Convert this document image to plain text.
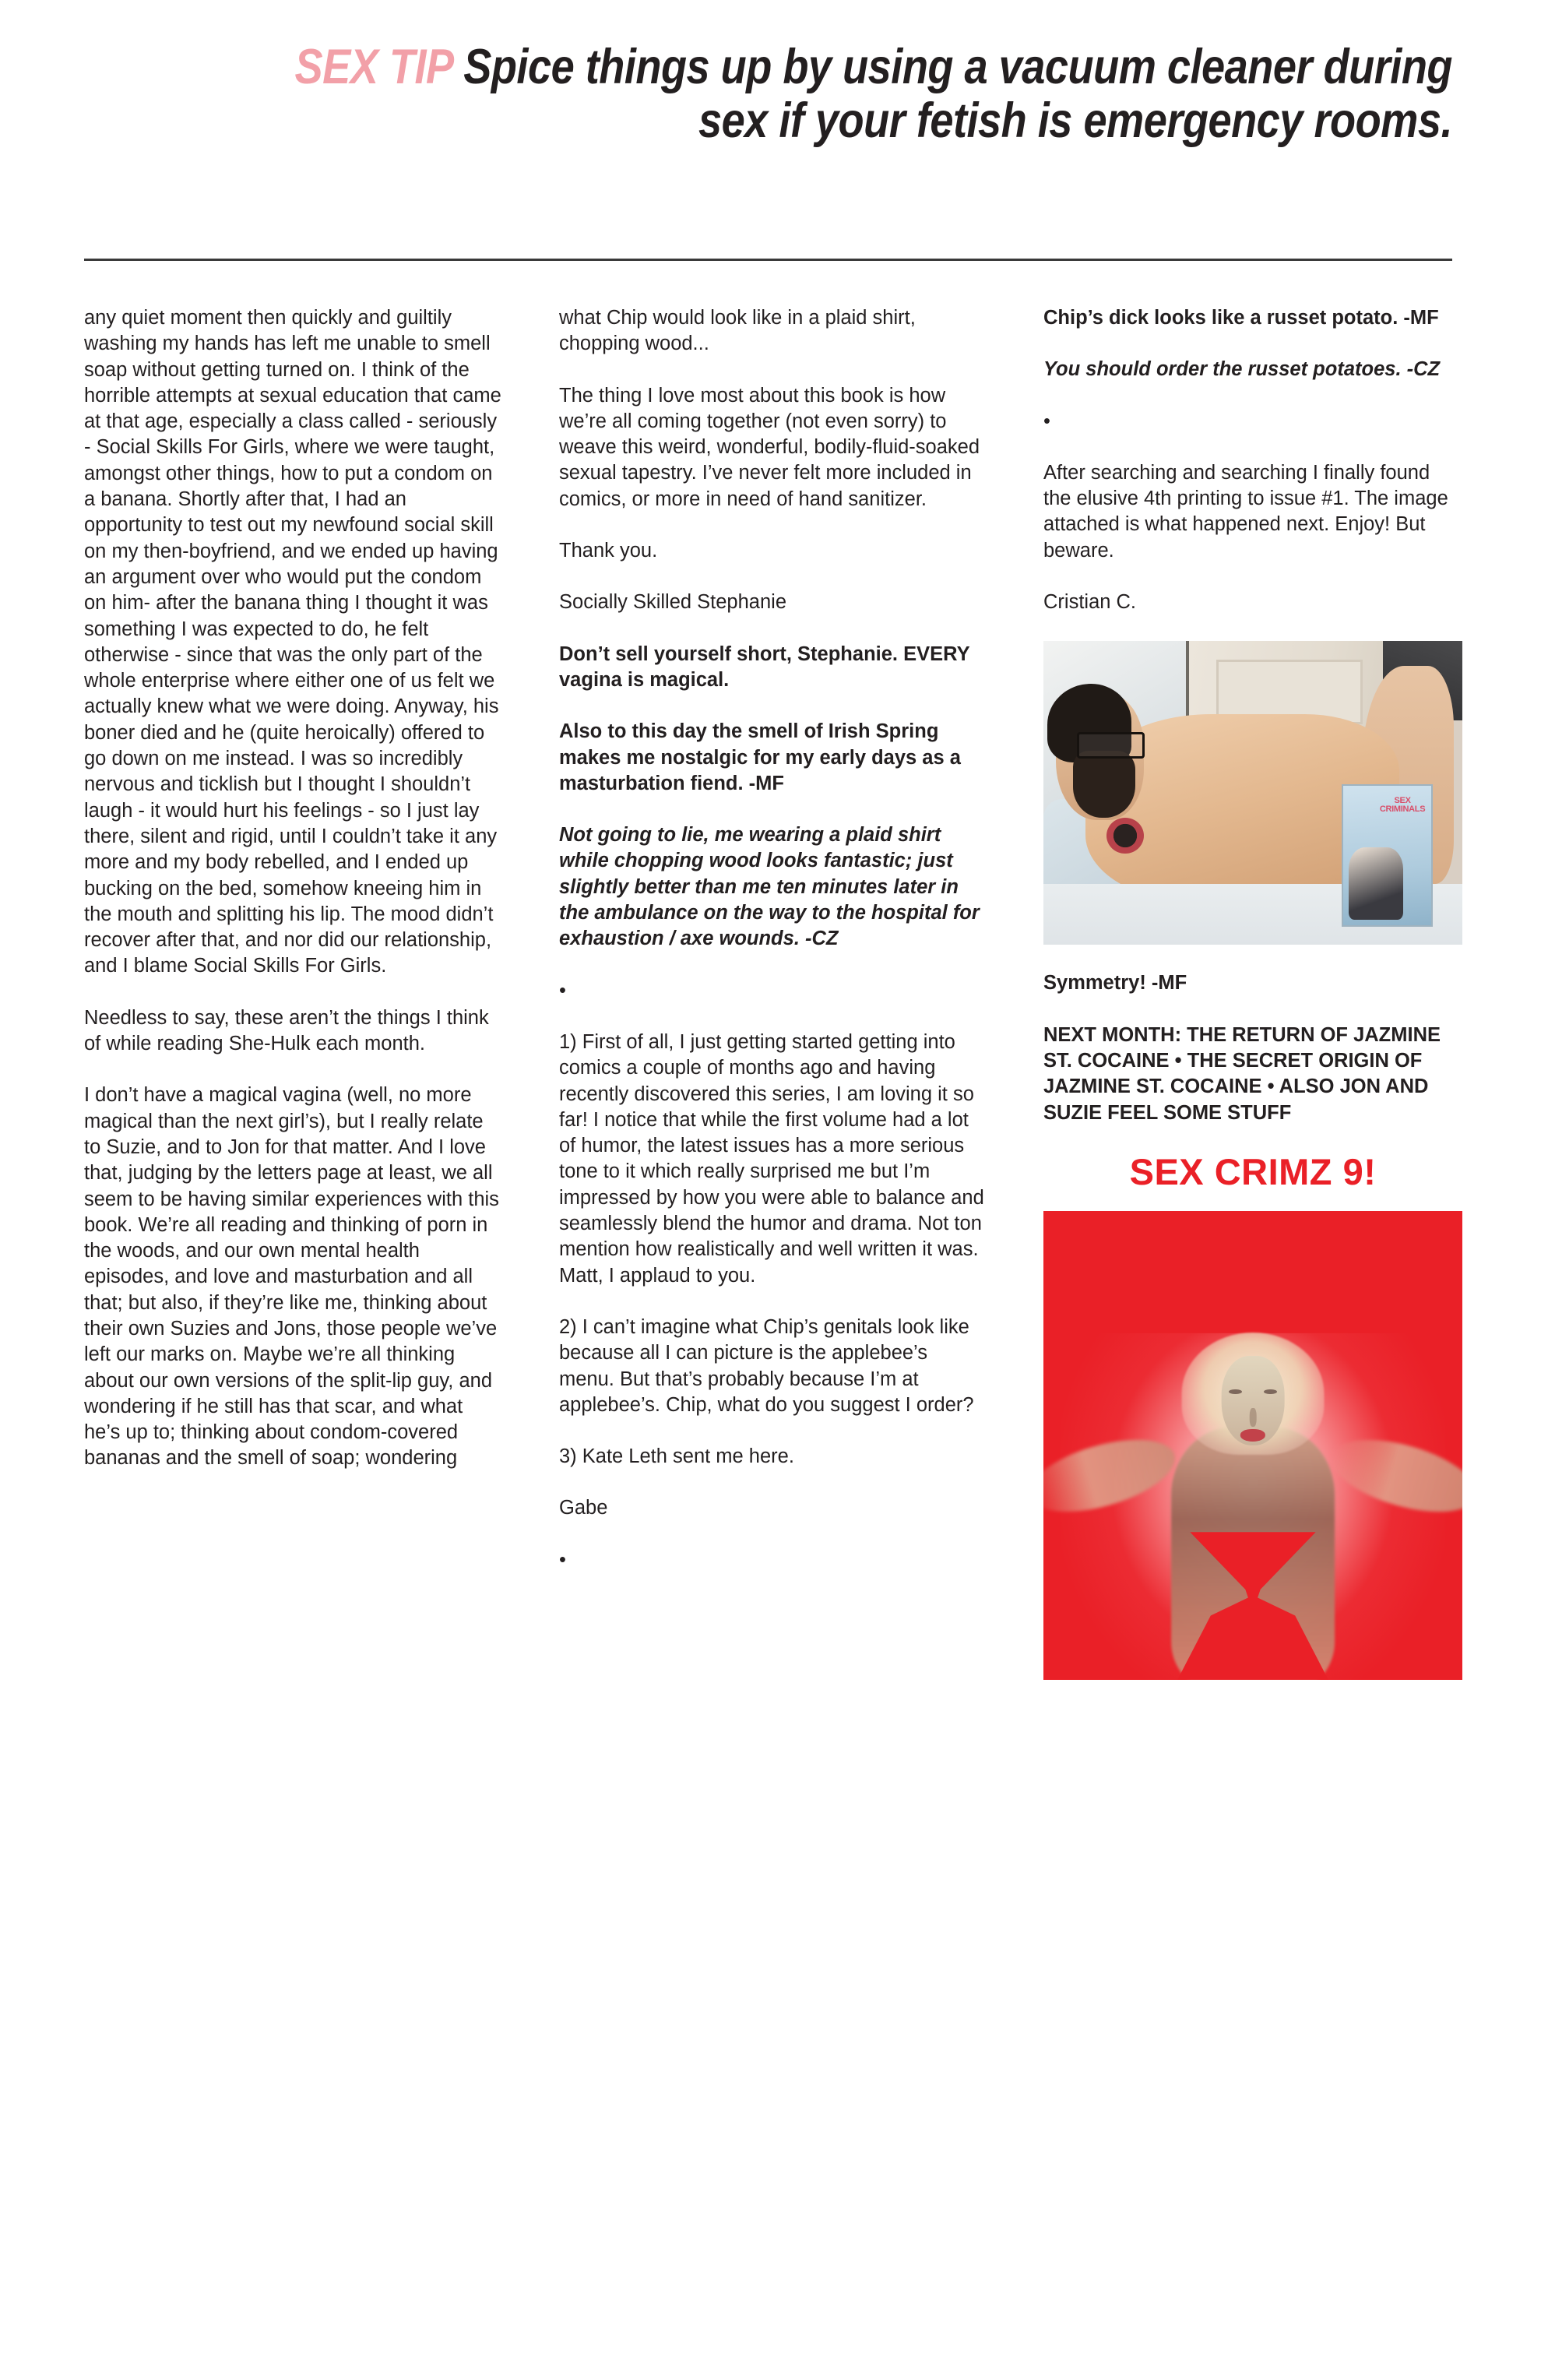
SEX TIP Spice things up by using a vacuum cleaner during sex if your fetish is emergency rooms.

any quiet moment then quickly and guiltily washing my hands has left me unable to smell soap without getting turned on. I think of the horrible attempts at sexual education that came at that age, especially a class called - seriously - Social Skills For Girls, where we were taught, amongst other things, how to put a condom on a banana. Shortly after that, I had an opportunity to test out my newfound social skill on my then-boyfriend, and we ended up having an argument over who would put the condom on him- after the banana thing I thought it was something I was expected to do, he felt otherwise - since that was the only part of the whole enterprise where either one of us felt we actually knew what we were doing. Anyway, his boner died and he (quite heroically) offered to go down on me instead. I was so incredibly nervous and ticklish but I thought I shouldn’t laugh - it would hurt his feelings - so I just lay there, silent and rigid, until I couldn’t take it any more and my body rebelled, and I ended up bucking on the bed, somehow kneeing him in the mouth and splitting his lip. The mood didn’t recover after that, and nor did our relationship, and I blame Social Skills For Girls.

Needless to say, these aren’t the things I think of while reading She-Hulk each month.

I don’t have a magical vagina (well, no more magical than the next girl’s), but I really relate to Suzie, and to Jon for that matter. And I love that, judging by the letters page at least, we all seem to be having similar experiences with this book. We’re all reading and thinking of porn in the woods, and our own mental health episodes, and love and masturbation and all that; but also, if they’re like me, thinking about their own Suzies and Jons, those people we’ve left our marks on. Maybe we’re all thinking about our own versions of the split-lip guy, and wondering if he still has that scar, and what he’s up to; thinking about condom-covered bananas and the smell of soap; wondering

what Chip would look like in a plaid shirt, chopping wood...

The thing I love most about this book is how we’re all coming together (not even sorry) to weave this weird, wonderful, bodily-fluid-soaked sexual tapestry. I’ve never felt more included in comics, or more in need of hand sanitizer.

Thank you.

Socially Skilled Stephanie

Don’t sell yourself short, Stephanie. EVERY vagina is magical.

Also to this day the smell of Irish Spring makes me nostalgic for my early days as a masturbation fiend. -MF

Not going to lie, me wearing a plaid shirt while chopping wood looks fantastic; just slightly better than me ten minutes later in the ambulance on the way to the hospital for exhaustion / axe wounds. -CZ

•

1) First of all, I just getting started getting into comics a couple of months ago and having recently discovered this series, I am loving it so far! I notice that while the first volume had a lot of humor, the latest issues has a more serious tone to it which really surprised me but I’m impressed by how you were able to balance and seamlessly blend the humor and drama. Not ton mention how realistically and well written it was. Matt, I applaud to you.

2) I can’t imagine what Chip’s genitals look like because all I can picture is the applebee’s menu. But that’s probably because I’m at applebee’s. Chip, what do you suggest I order?

3) Kate Leth sent me here.

Gabe

•

Chip’s dick looks like a russet potato. -MF

You should order the russet potatoes. -CZ

•

After searching and searching I finally found the elusive 4th printing to issue #1. The image attached is what happened next. Enjoy! But beware.

Cristian C.

SEX CRIMINALS

Symmetry! -MF

NEXT MONTH: THE RETURN OF JAZMINE ST. COCAINE • THE SECRET ORIGIN OF JAZMINE ST. COCAINE • ALSO JON AND SUZIE FEEL SOME STUFF

SEX CRIMZ 9!
